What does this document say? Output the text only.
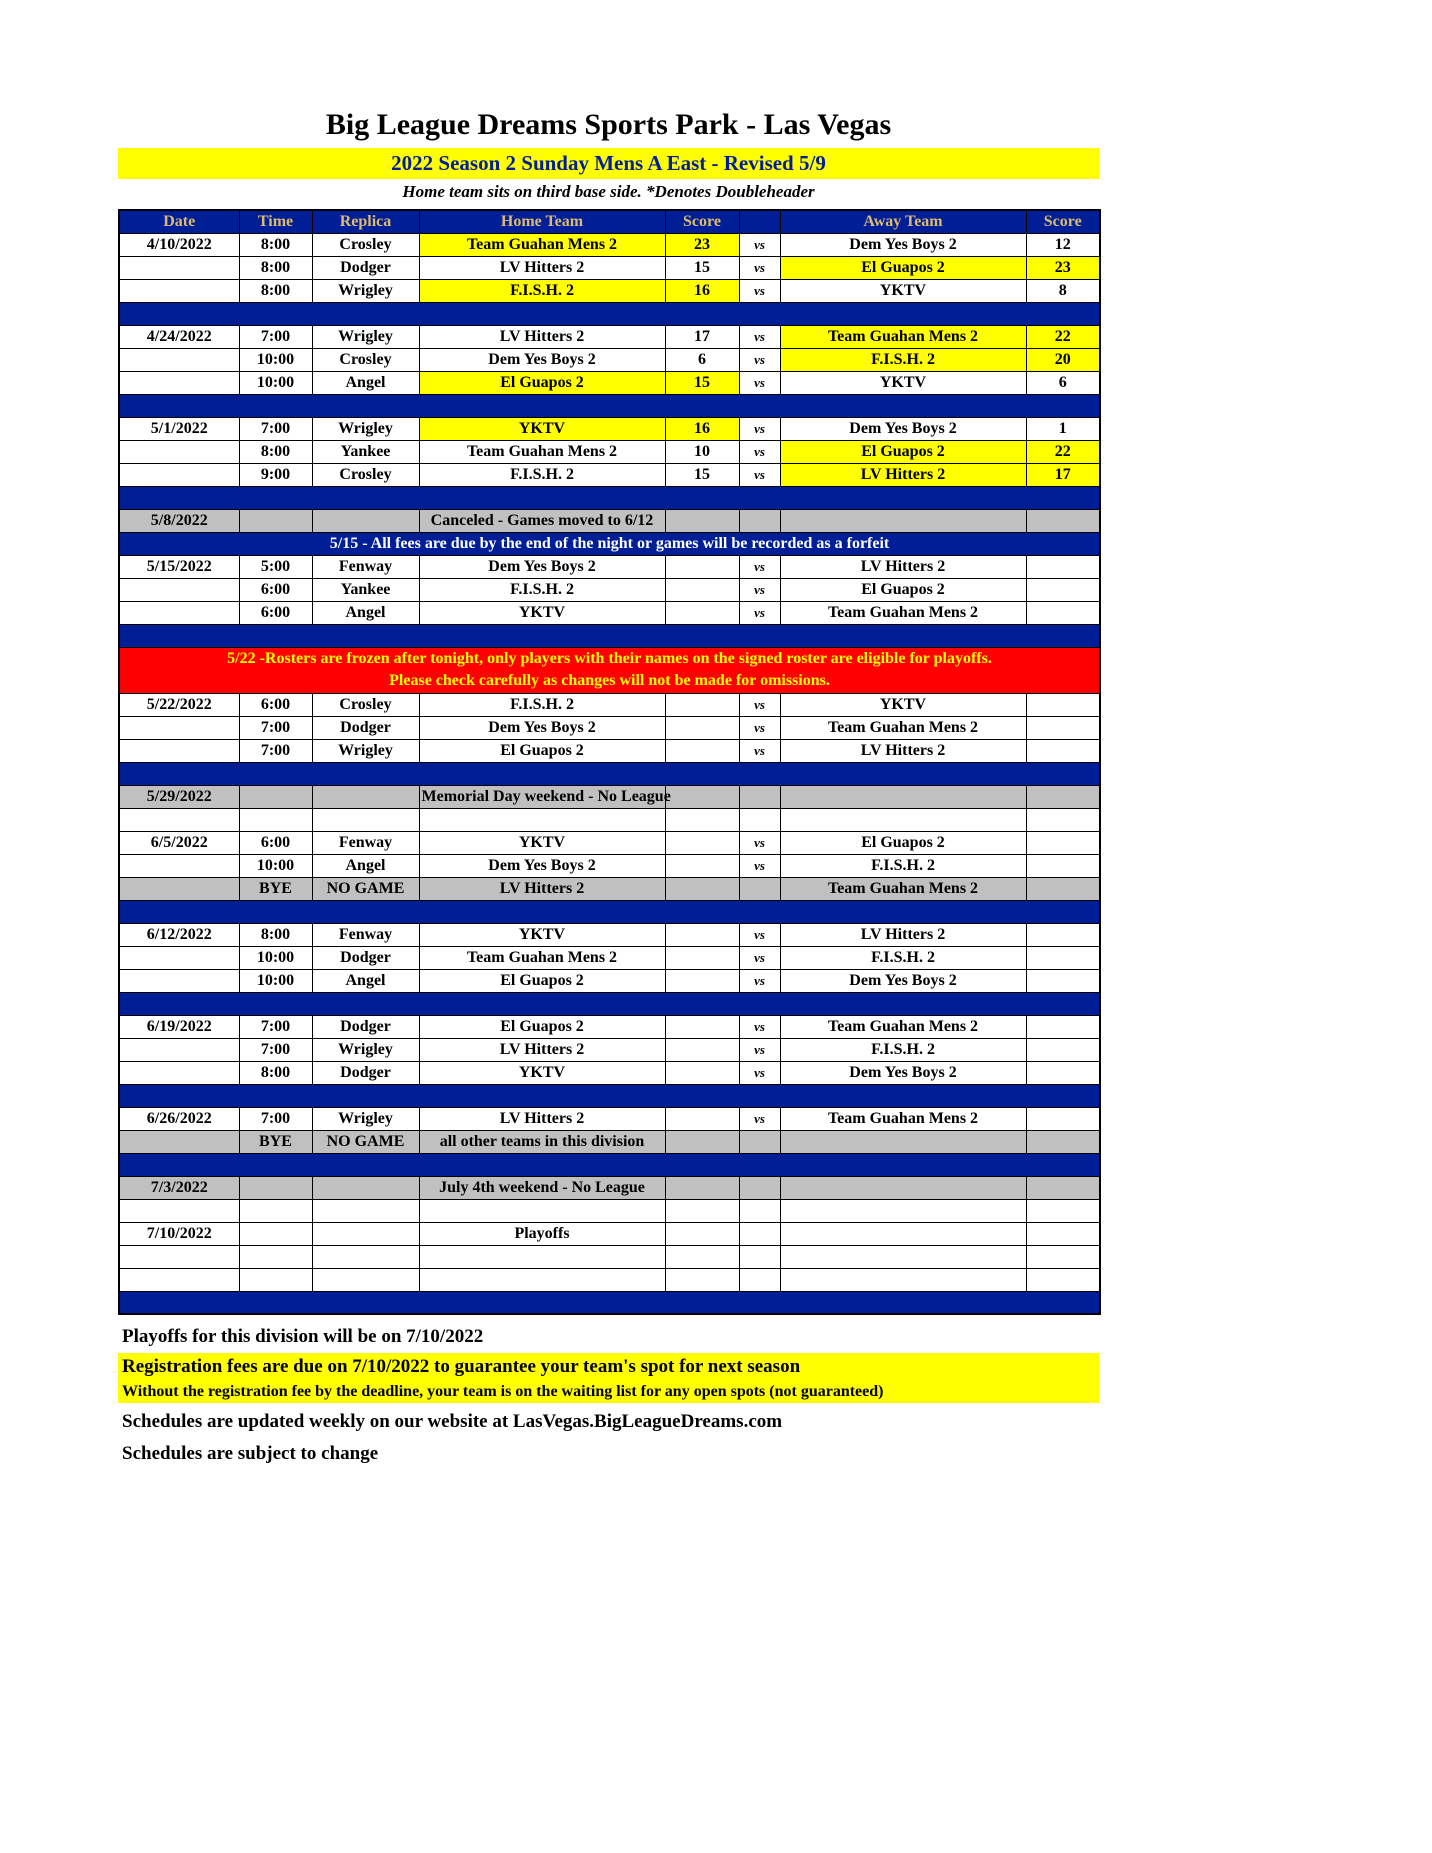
Big League Dreams Sports Park - Las Vegas
2022 Season 2 Sunday Mens A East - Revised 5/9
Home team sits on third base side. *Denotes Doubleheader
Date	Time	Replica	Home Team	Score		Away Team	Score
4/10/2022	8:00	Crosley	Team Guahan Mens 2	23	vs	Dem Yes Boys 2	12
	8:00	Dodger	LV Hitters 2	15	vs	El Guapos 2	23
	8:00	Wrigley	F.I.S.H. 2	16	vs	YKTV	8

4/24/2022	7:00	Wrigley	LV Hitters 2	17	vs	Team Guahan Mens 2	22
	10:00	Crosley	Dem Yes Boys 2	6	vs	F.I.S.H. 2	20
	10:00	Angel	El Guapos 2	15	vs	YKTV	6

5/1/2022	7:00	Wrigley	YKTV	16	vs	Dem Yes Boys 2	1
	8:00	Yankee	Team Guahan Mens 2	10	vs	El Guapos 2	22
	9:00	Crosley	F.I.S.H. 2	15	vs	LV Hitters 2	17

5/8/2022			Canceled - Games moved to 6/12				
5/15 - All fees are due by the end of the night or games will be recorded as a forfeit							
5/15/2022	5:00	Fenway	Dem Yes Boys 2		vs	LV Hitters 2	
	6:00	Yankee	F.I.S.H. 2		vs	El Guapos 2	
	6:00	Angel	YKTV		vs	Team Guahan Mens 2	

5/22 -Rosters are frozen after tonight, only players with their names on the signed roster are eligible for playoffs.
Please check carefully as changes will not be made for omissions.							

5/22/2022	6:00	Crosley	F.I.S.H. 2		vs	YKTV	
	7:00	Dodger	Dem Yes Boys 2		vs	Team Guahan Mens 2	
	7:00	Wrigley	El Guapos 2		vs	LV Hitters 2	

5/29/2022			Memorial Day weekend - No League				

6/5/2022	6:00	Fenway	YKTV		vs	El Guapos 2	
	10:00	Angel	Dem Yes Boys 2		vs	F.I.S.H. 2	
	BYE	NO GAME	LV Hitters 2			Team Guahan Mens 2	

6/12/2022	8:00	Fenway	YKTV		vs	LV Hitters 2	
	10:00	Dodger	Team Guahan Mens 2		vs	F.I.S.H. 2	
	10:00	Angel	El Guapos 2		vs	Dem Yes Boys 2	

6/19/2022	7:00	Dodger	El Guapos 2		vs	Team Guahan Mens 2	
	7:00	Wrigley	LV Hitters 2		vs	F.I.S.H. 2	
	8:00	Dodger	YKTV		vs	Dem Yes Boys 2	

6/26/2022	7:00	Wrigley	LV Hitters 2		vs	Team Guahan Mens 2	
	BYE	NO GAME	all other teams in this division				

7/3/2022			July 4th weekend - No League				

7/10/2022			Playoffs				

Playoffs for this division will be on 7/10/2022
Registration fees are due on 7/10/2022 to guarantee your team's spot for next season
Without the registration fee by the deadline, your team is on the waiting list for any open spots (not guaranteed)
Schedules are updated weekly on our website at LasVegas.BigLeagueDreams.com
Schedules are subject to change
